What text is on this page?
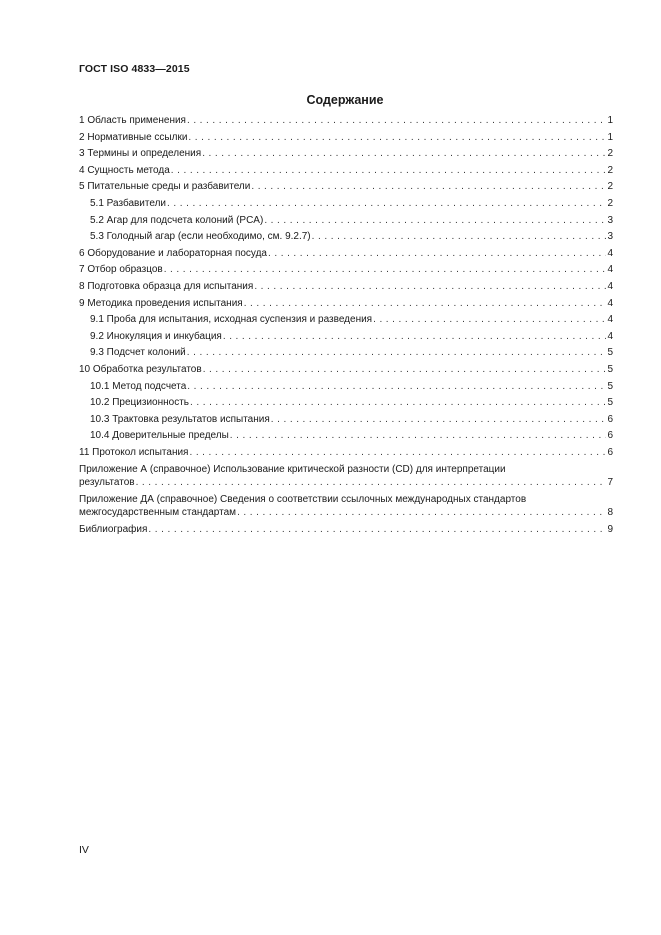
ГОСТ ISO 4833—2015
Содержание
1 Область применения . . .	1
2 Нормативные ссылки . . .	1
3 Термины и определения . . .	2
4 Сущность метода . . .	2
5 Питательные среды и разбавители . . .	2
5.1 Разбавители . . .	2
5.2 Агар для подсчета колоний (PCA) . . .	3
5.3 Голодный агар (если необходимо, см. 9.2.7) . . .	3
6 Оборудование и лабораторная посуда . . .	4
7 Отбор образцов . . .	4
8 Подготовка образца для испытания . . .	4
9 Методика проведения испытания . . .	4
9.1 Проба для испытания, исходная суспензия и разведения . . .	4
9.2 Инокуляция и инкубация . . .	4
9.3 Подсчет колоний . . .	5
10 Обработка результатов . . .	5
10.1 Метод подсчета . . .	5
10.2 Прецизионность . . .	5
10.3 Трактовка результатов испытания . . .	6
10.4 Доверительные пределы . . .	6
11 Протокол испытания . . .	6
Приложение А (справочное) Использование критической разности (CD) для интерпретации
результатов . . .	7
Приложение ДА (справочное) Сведения о соответствии ссылочных международных стандартов
межгосударственным стандартам . . .	8
Библиография . . .	9
IV
